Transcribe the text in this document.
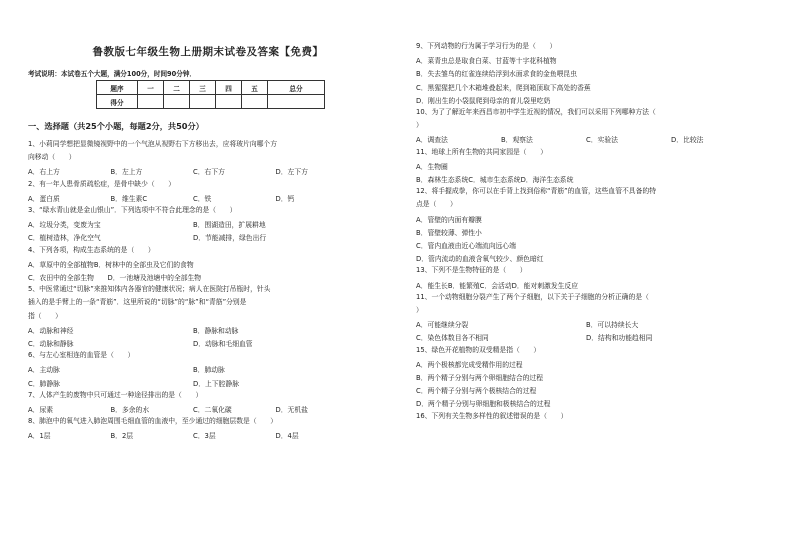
鲁教版七年级生物上册期末试卷及答案【免费】
考试说明：本试卷五个大题，满分100分，时间90分钟．
题序	一	二	三	四	五	总分
得分						
一、选择题（共25个小题，每题2分，共50分）
1、小莉同学想把显微镜视野中的一个气泡从视野右下方移出去，应将玻片向哪个方
向移动（　　）
A．右上方	B．左上方	C．右下方	D．左下方
2、有一年人患骨质疏松症，是骨中缺少（　　）
A．蛋白质	B．维生素C	C．铁	D．钙
3、“绿水青山就是金山银山”．下列选项中不符合此理念的是（　　）
A．垃圾分类，变废为宝	B．围湖造田，扩展耕地
C．植树造林，净化空气	D．节能减排，绿色出行
4、下列各项，构成生态系统的是（　　）
A．草原中的全部植物B．树林中的全部虫及它们的食物
C．农田中的全部生物　　D．一池塘及池塘中的全部生物
5、中医常通过“切脉”来推知体内各器官的健康状况；病人在医院打吊瓶时，针头
插入的是手臂上的一条“青筋”．这里所说的“切脉”的“脉”和“青筋”分别是
指（　　）
A．动脉和神经	B．静脉和动脉
C．动脉和静脉	D．动脉和毛细血管
6、与左心室相连的血管是（　　）
A．主动脉	B．肺动脉
C．肺静脉	D．上下腔静脉
7、人体产生的废物中只可通过一种途径排出的是（　　）
A．尿素	B．多余的水	C．二氧化碳	D．无机盐
8、肺泡中的氧气进入肺泡周围毛细血管的血液中，至少通过的细胞层数是（　　）
A．1层	B．2层	C．3层	D．4层
9、下列动物的行为属于学习行为的是（　　）
A．菜青虫总是取食白菜、甘蓝等十字花科植物
B．失去雏鸟的红雀连续给浮到水面求食的金鱼喂昆虫
C．黑猩猩把几个木箱堆叠起来，爬到箱顶取下高处的香蕉
D．刚出生的小袋鼠爬到母亲的育儿袋里吃奶
10、为了了解近年来西昌市初中学生近视的情况，我们可以采用下列哪种方法（
）
A．调查法	B．观察法	C．实验法	D．比较法
11、地球上所有生物的共同家园是（　　）
A．生物圈
B．森林生态系统C．城市生态系统D．海洋生态系统
12、将手握成拳，你可以在手背上找到俗称“青筋”的血管，这些血管不具备的特
点是（　　）
A．管壁的内面有瓣膜
B．管壁较薄、弹性小
C．管内血液由近心端流向远心端
D．管内流动的血液含氧气较少、颜色暗红
13、下列不是生物特征的是（　　）
A．能生长B．能繁殖C．会活动D．能对刺激发生反应
11、一个动物细胞分裂产生了两个子细胞，以下关于子细胞的分析正确的是（
）
A．可能继续分裂	B．可以持续长大
C．染色体数目各不相同	D．结构和功能趋相同
15、绿色开花植物的双受精是指（　　）
A．两个极核都完成受精作用的过程
B．两个精子分别与两个卵细胞结合的过程
C．两个精子分别与两个极核结合的过程
D．两个精子分别与卵细胞和极核结合的过程
16、下列有关生物多样性的叙述错误的是（　　）
